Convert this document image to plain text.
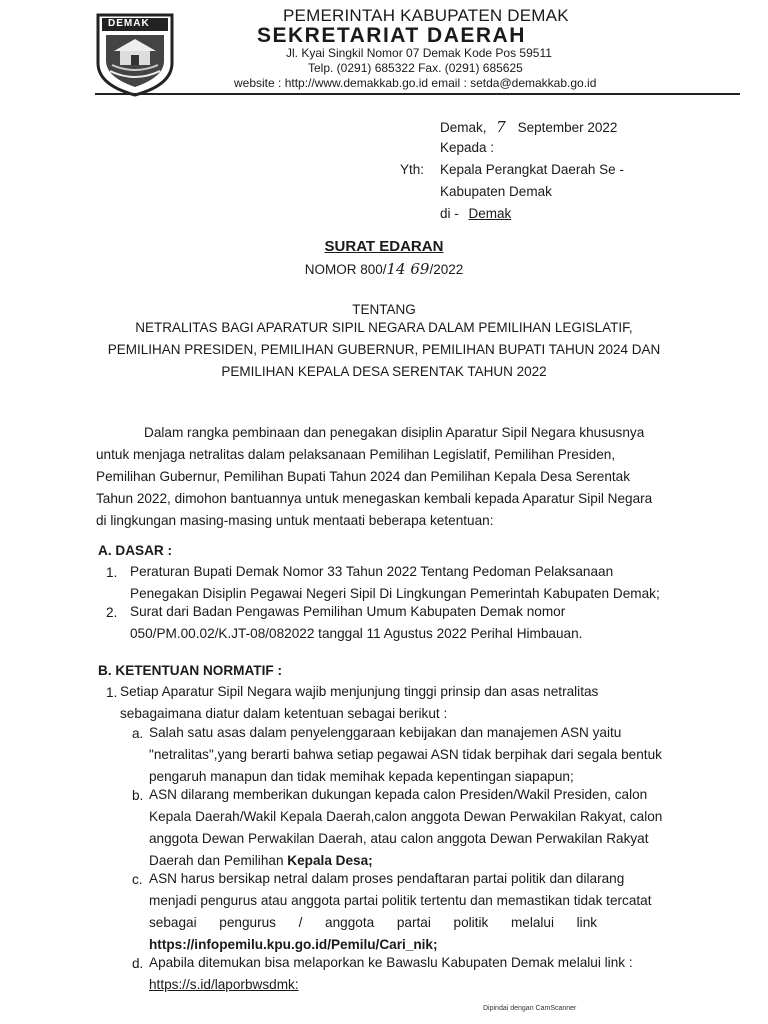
DEMAK	PEMERINTAH KABUPATEN DEMAK
SEKRETARIAT DAERAH
Jl. Kyai Singkil Nomor 07 Demak Kode Pos 59511
Telp. (0291) 685322 Fax. (0291) 685625
website : http://www.demakkab.go.id email : setda@demakkab.go.id
Demak, 7 September 2022
Kepada :
Yth: Kepala Perangkat Daerah Se -
Kabupaten Demak
di - Demak
SURAT EDARAN
NOMOR 800/14 69/2022
TENTANG
NETRALITAS BAGI APARATUR SIPIL NEGARA DALAM PEMILIHAN LEGISLATIF,
PEMILIHAN PRESIDEN, PEMILIHAN GUBERNUR, PEMILIHAN BUPATI TAHUN 2024 DAN
PEMILIHAN KEPALA DESA SERENTAK TAHUN 2022
Dalam rangka pembinaan dan penegakan disiplin Aparatur Sipil Negara khususnya
untuk menjaga netralitas dalam pelaksanaan Pemilihan Legislatif, Pemilihan Presiden,
Pemilihan Gubernur, Pemilihan Bupati Tahun 2024 dan Pemilihan Kepala Desa Serentak
Tahun 2022, dimohon bantuannya untuk menegaskan kembali kepada Aparatur Sipil Negara
di lingkungan masing-masing untuk mentaati beberapa ketentuan:
A. DASAR :
1. Peraturan Bupati Demak Nomor 33 Tahun 2022 Tentang Pedoman Pelaksanaan
Penegakan Disiplin Pegawai Negeri Sipil Di Lingkungan Pemerintah Kabupaten Demak;
2. Surat dari Badan Pengawas Pemilihan Umum Kabupaten Demak nomor
050/PM.00.02/K.JT-08/082022 tanggal 11 Agustus 2022 Perihal Himbauan.
B. KETENTUAN NORMATIF :
1. Setiap Aparatur Sipil Negara wajib menjunjung tinggi prinsip dan asas netralitas
sebagaimana diatur dalam ketentuan sebagai berikut :
a. Salah satu asas dalam penyelenggaraan kebijakan dan manajemen ASN yaitu
"netralitas",yang berarti bahwa setiap pegawai ASN tidak berpihak dari segala bentuk
pengaruh manapun dan tidak memihak kepada kepentingan siapapun;
b. ASN dilarang memberikan dukungan kepada calon Presiden/Wakil Presiden, calon
Kepala Daerah/Wakil Kepala Daerah,calon anggota Dewan Perwakilan Rakyat, calon
anggota Dewan Perwakilan Daerah, atau calon anggota Dewan Perwakilan Rakyat
Daerah dan Pemilihan Kepala Desa;
c. ASN harus bersikap netral dalam proses pendaftaran partai politik dan dilarang
menjadi pengurus atau anggota partai politik tertentu dan memastikan tidak tercatat
sebagai      pengurus      /      anggota      partai      politik      melalui      link
https://infopemilu.kpu.go.id/Pemilu/Cari_nik;
d. Apabila ditemukan bisa melaporkan ke Bawaslu Kabupaten Demak melalui link :
https://s.id/laporbwsdmk:
Dipindai dengan CamScanner
